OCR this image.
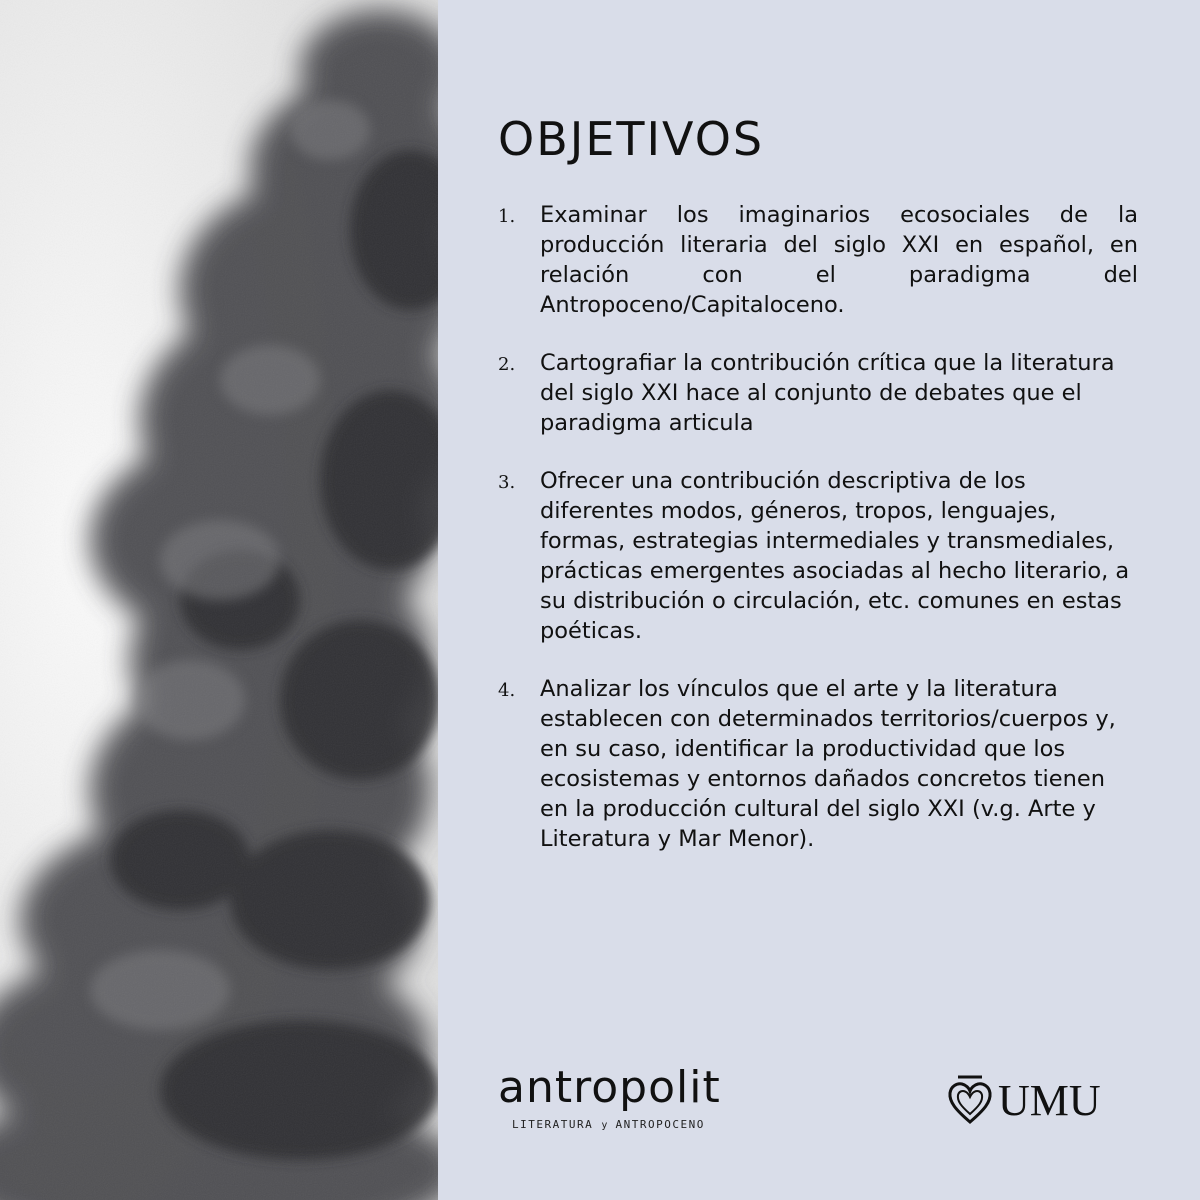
OBJETIVOS
1.	Examinar los imaginarios ecosociales de la producción literaria del siglo XXI en español, en relación con el paradigma del Antropoceno/Capitaloceno.
2.	Cartografiar la contribución crítica que la literatura del siglo XXI hace al conjunto de debates que el paradigma articula
3.	Ofrecer una contribución descriptiva de los diferentes modos, géneros, tropos, lenguajes, formas, estrategias intermediales y transmediales, prácticas emergentes asociadas al hecho literario, a su distribución o circulación, etc. comunes en estas poéticas.
4.	Analizar los vínculos que el arte y la literatura establecen con determinados territorios/cuerpos y, en su caso, identificar la productividad que los ecosistemas y entornos dañados concretos tienen en la producción cultural del siglo XXI (v.g. Arte y Literatura y Mar Menor).
antropolit
LITERATURA y ANTROPOCENO	UMU
